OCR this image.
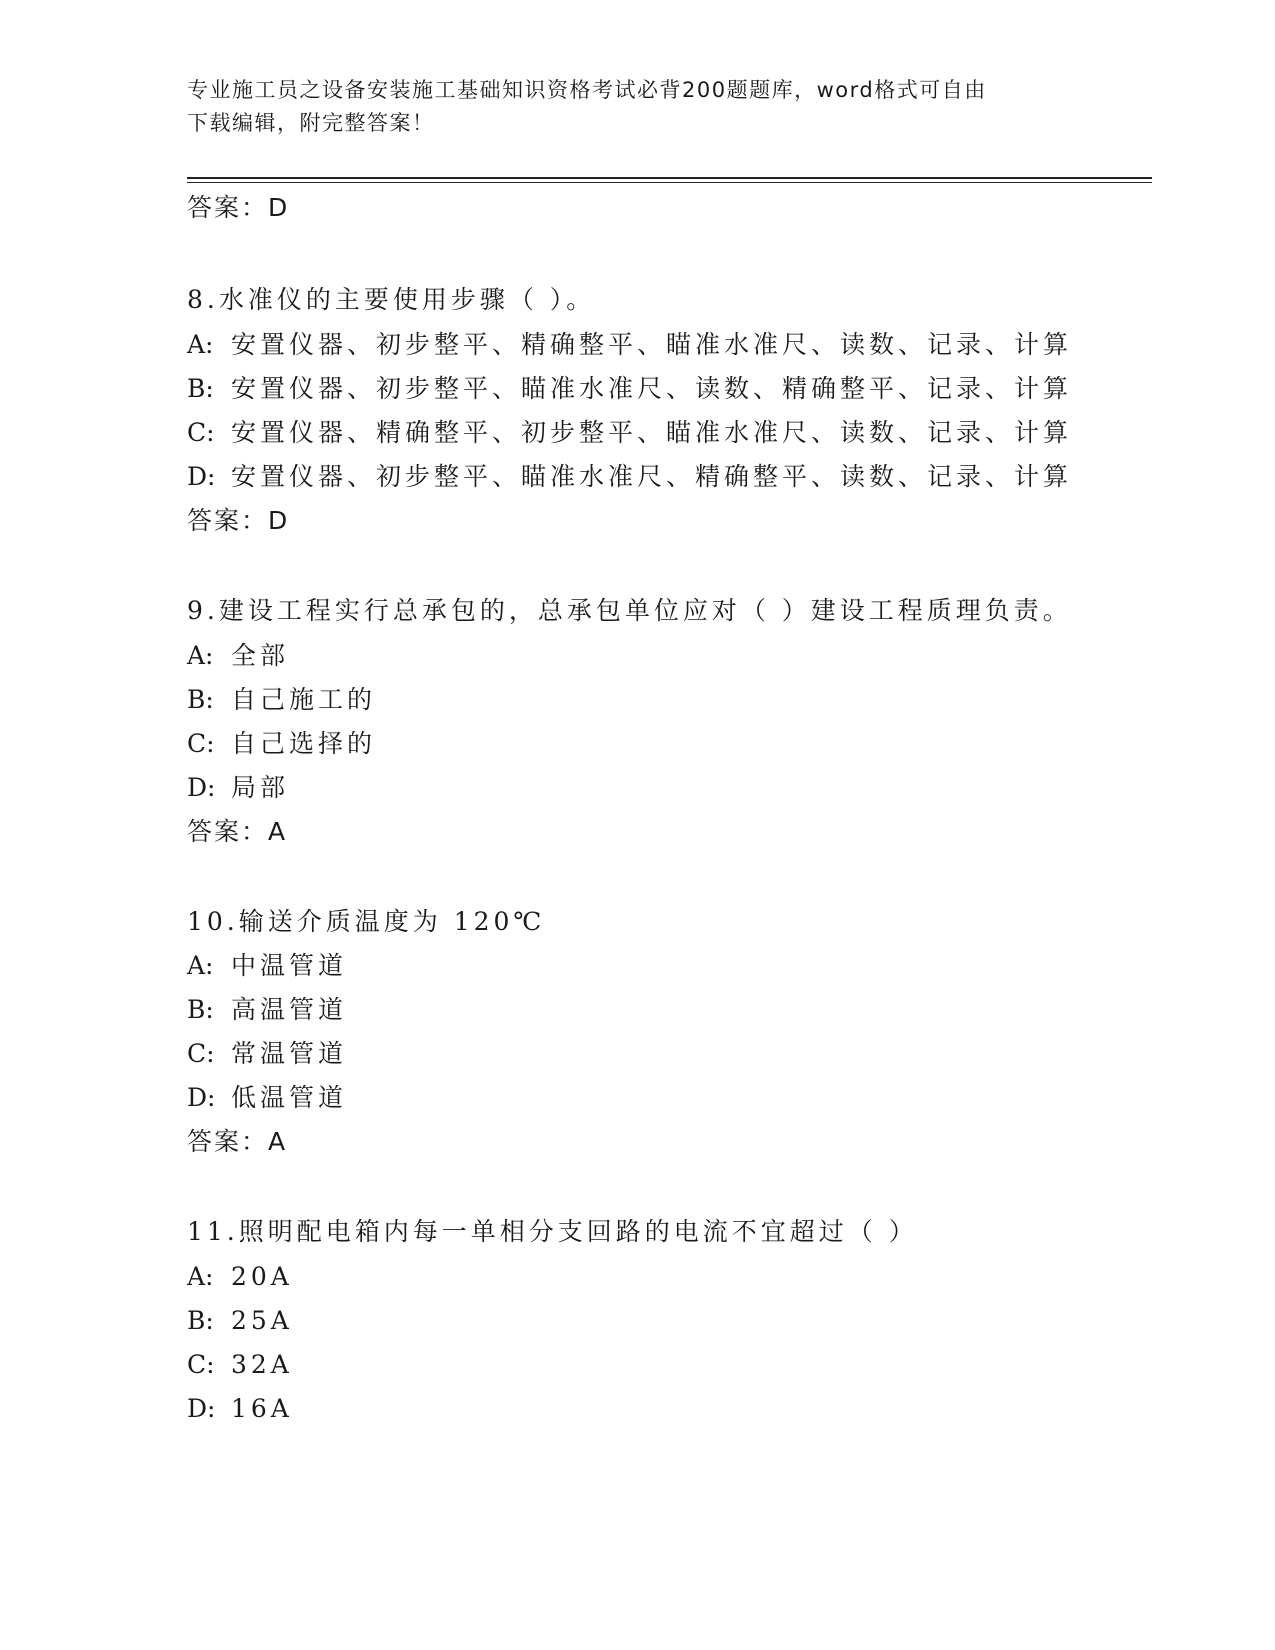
专业施工员之设备安装施工基础知识资格考试必背200题题库，word格式可自由
下载编辑，附完整答案！
答案：D
8.水准仪的主要使用步骤（ ）。
A: 安置仪器、初步整平、精确整平、瞄准水准尺、读数、记录、计算
B: 安置仪器、初步整平、瞄准水准尺、读数、精确整平、记录、计算
C: 安置仪器、精确整平、初步整平、瞄准水准尺、读数、记录、计算
D: 安置仪器、初步整平、瞄准水准尺、精确整平、读数、记录、计算
答案：D
9.建设工程实行总承包的，总承包单位应对（ ）建设工程质理负责。
A: 全部
B: 自己施工的
C: 自己选择的
D: 局部
答案：A
10.输送介质温度为 120℃
A: 中温管道
B: 高温管道
C: 常温管道
D: 低温管道
答案：A
11.照明配电箱内每一单相分支回路的电流不宜超过（ ）
A: 20A
B: 25A
C: 32A
D: 16A
